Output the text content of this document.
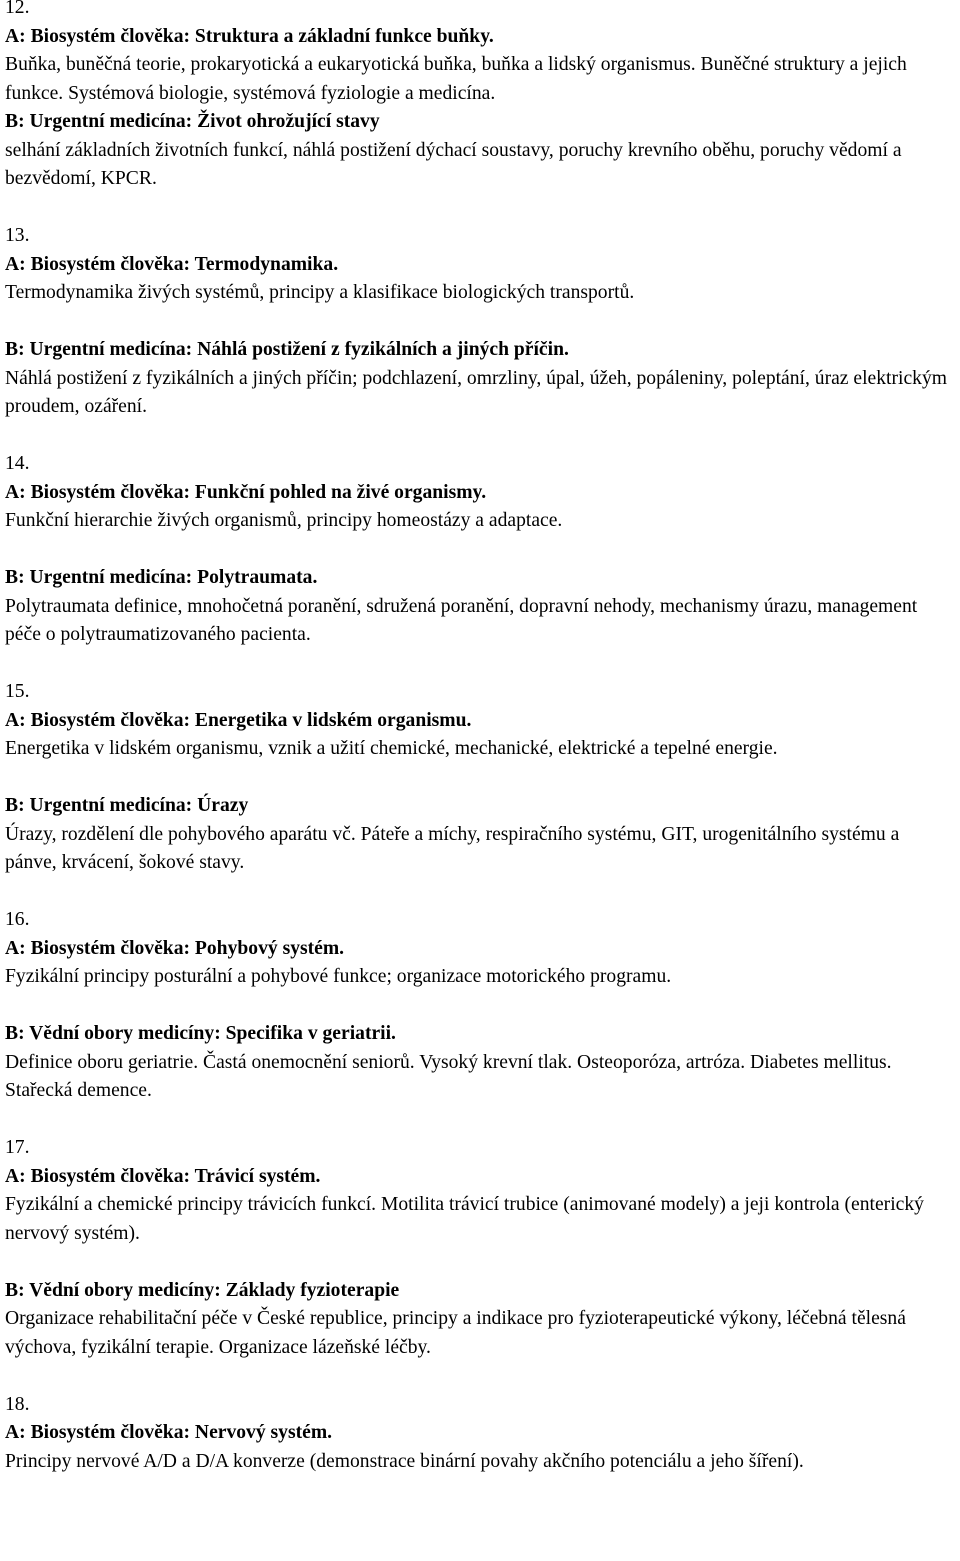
12.

A: Biosystém člověka: Struktura a základní funkce buňky.

Buňka, buněčná teorie, prokaryotická a eukaryotická buňka, buňka a lidský organismus. Buněčné struktury a jejich funkce. Systémová biologie, systémová fyziologie a medicína.

B: Urgentní medicína: Život ohrožující stavy

selhání základních životních funkcí, náhlá postižení dýchací soustavy, poruchy krevního oběhu, poruchy vědomí a bezvědomí, KPCR.

13.

A: Biosystém člověka: Termodynamika.

Termodynamika živých systémů, principy a klasifikace biologických transportů.

B: Urgentní medicína: Náhlá postižení z fyzikálních a jiných příčin.

Náhlá postižení z fyzikálních a jiných příčin; podchlazení, omrzliny, úpal, úžeh, popáleniny, poleptání, úraz elektrickým proudem, ozáření.

14.

A: Biosystém člověka: Funkční pohled na živé organismy.

Funkční hierarchie živých organismů, principy homeostázy a adaptace.

B: Urgentní medicína: Polytraumata.

Polytraumata definice, mnohočetná poranění, sdružená poranění, dopravní nehody, mechanismy úrazu, management péče o polytraumatizovaného pacienta.

15.

A: Biosystém člověka: Energetika v lidském organismu.

Energetika v lidském organismu, vznik a užití chemické, mechanické, elektrické a tepelné energie.

B: Urgentní medicína: Úrazy

Úrazy, rozdělení dle pohybového aparátu vč. Páteře a míchy, respiračního systému, GIT, urogenitálního systému a pánve, krvácení, šokové stavy.

16.

A: Biosystém člověka: Pohybový systém.

Fyzikální principy posturální a pohybové funkce; organizace motorického programu.

B: Vědní obory medicíny: Specifika v geriatrii.

Definice oboru geriatrie. Častá onemocnění seniorů. Vysoký krevní tlak. Osteoporóza, artróza. Diabetes mellitus. Stařecká demence.

17.

A: Biosystém člověka: Trávicí systém.

Fyzikální a chemické principy trávicích funkcí. Motilita trávicí trubice (animované modely) a jeji kontrola (enterický nervový systém).

B: Vědní obory medicíny: Základy fyzioterapie

Organizace rehabilitační péče v České republice, principy a indikace pro fyzioterapeutické výkony, léčebná tělesná výchova, fyzikální terapie. Organizace lázeňské léčby.

18.

A: Biosystém člověka: Nervový systém.

Principy nervové A/D a D/A konverze (demonstrace binární povahy akčního potenciálu a jeho šíření).
